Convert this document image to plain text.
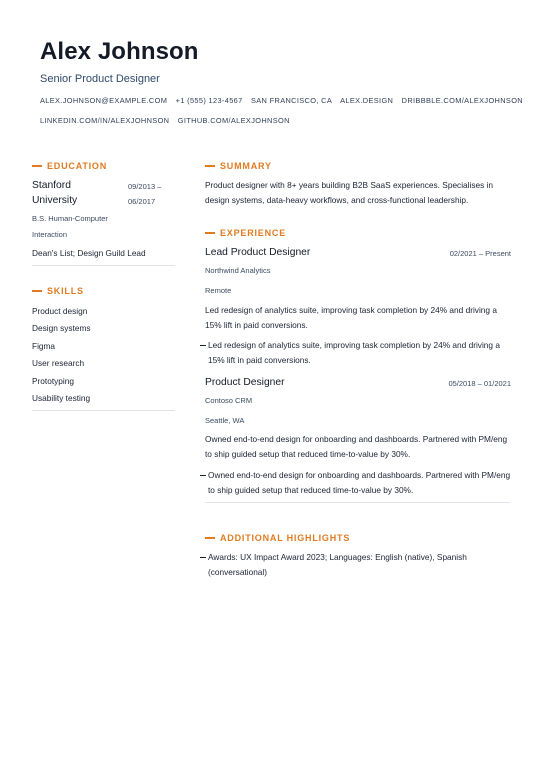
Alex Johnson
Senior Product Designer
ALEX.JOHNSON@EXAMPLE.COM +1 (555) 123-4567 SAN FRANCISCO, CA ALEX.DESIGN DRIBBBLE.COM/ALEXJOHNSON
LINKEDIN.COM/IN/ALEXJOHNSON GITHUB.COM/ALEXJOHNSON
EDUCATION
Stanford
University
09/2013 –
06/2017
B.S. Human-Computer
Interaction
Dean's List; Design Guild Lead
SKILLS
Product design
Design systems
Figma
User research
Prototyping
Usability testing
SUMMARY
Product designer with 8+ years building B2B SaaS experiences. Specialises in
design systems, data-heavy workflows, and cross-functional leadership.
EXPERIENCE
Lead Product Designer	02/2021 – Present
Northwind Analytics
Remote
Led redesign of analytics suite, improving task completion by 24% and driving a
15% lift in paid conversions.
Led redesign of analytics suite, improving task completion by 24% and driving a
15% lift in paid conversions.
Product Designer	05/2018 – 01/2021
Contoso CRM
Seattle, WA
Owned end-to-end design for onboarding and dashboards. Partnered with PM/eng
to ship guided setup that reduced time-to-value by 30%.
Owned end-to-end design for onboarding and dashboards. Partnered with PM/eng
to ship guided setup that reduced time-to-value by 30%.
ADDITIONAL HIGHLIGHTS
Awards: UX Impact Award 2023; Languages: English (native), Spanish
(conversational)
